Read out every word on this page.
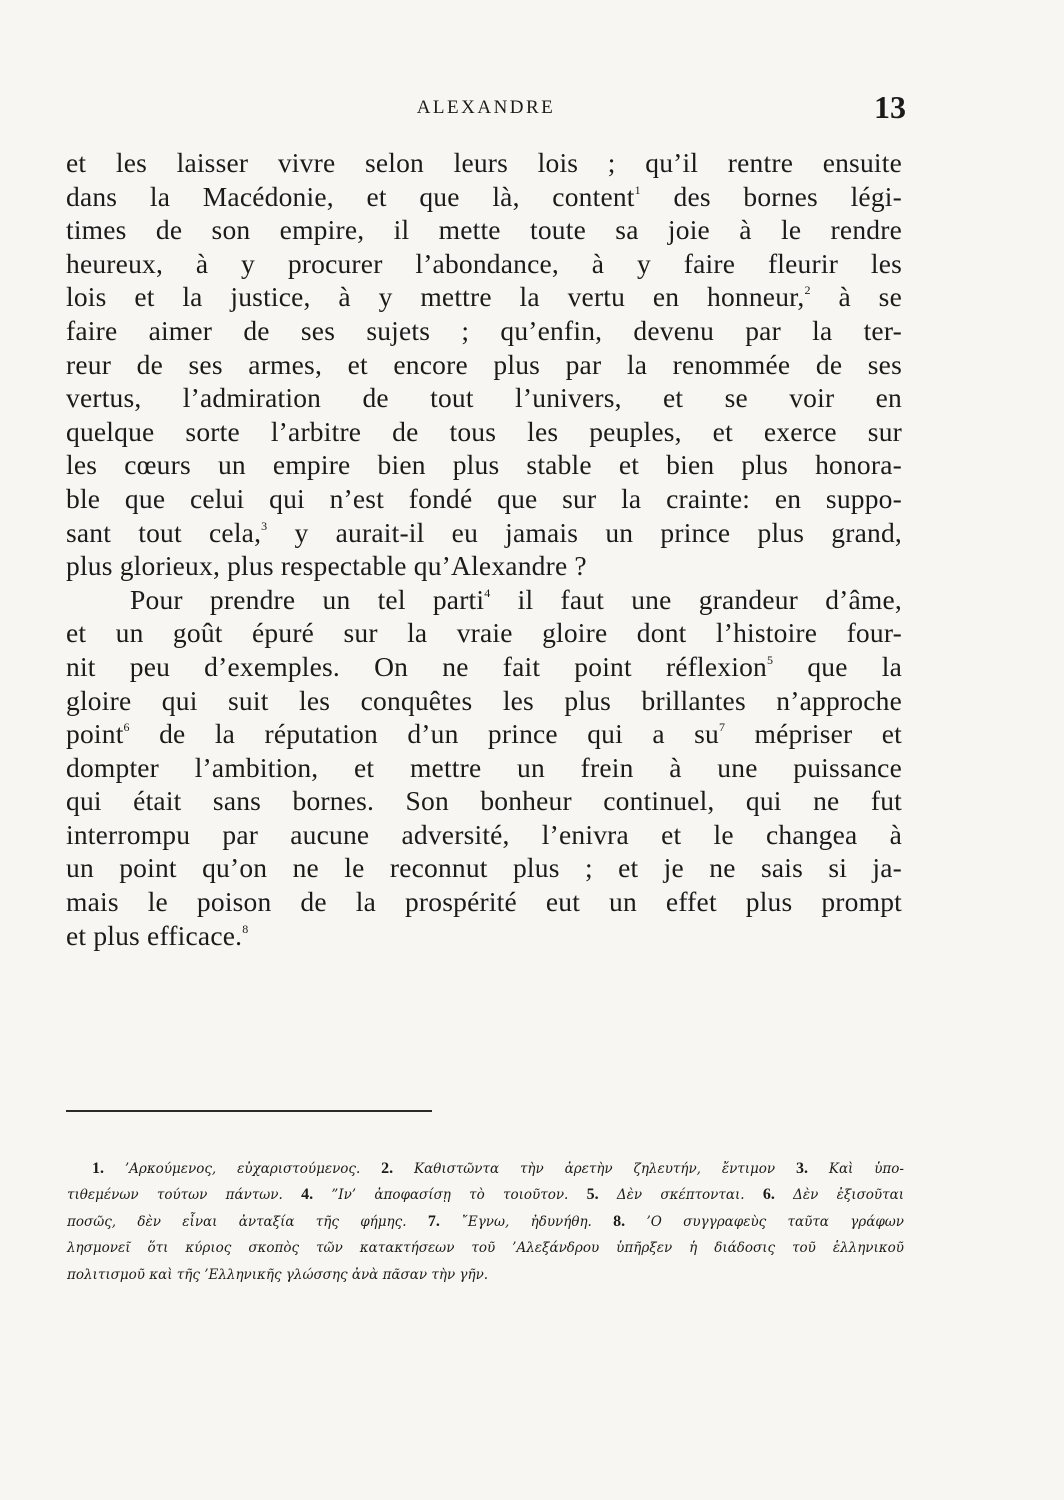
ALEXANDRE	13

et les laisser vivre selon leurs lois ; qu’il rentre ensuite
dans la Macédonie, et que là, content$^1$ des bornes légi-
times de son empire, il mette toute sa joie à le rendre
heureux, à y procurer l’abondance, à y faire fleurir les
lois et la justice, à y mettre la vertu en honneur,$^2$ à se
faire aimer de ses sujets ; qu’enfin, devenu par la ter-
reur de ses armes, et encore plus par la renommée de ses
vertus, l’admiration de tout l’univers, et se voir en
quelque sorte l’arbitre de tous les peuples, et exerce sur
les cœurs un empire bien plus stable et bien plus honora-
ble que celui qui n’est fondé que sur la crainte: en suppo-
sant tout cela,$^3$ y aurait-il eu jamais un prince plus grand,
plus glorieux, plus respectable qu’Alexandre ?

Pour prendre un tel parti$^4$ il faut une grandeur d’âme,
et un goût épuré sur la vraie gloire dont l’histoire four-
nit peu d’exemples. On ne fait point réflexion$^5$ que la
gloire qui suit les conquêtes les plus brillantes n’approche
point$^6$ de la réputation d’un prince qui a $su^7$ mépriser et
dompter l’ambition, et mettre un frein à une puissance
qui était sans bornes. Son bonheur continuel, qui ne fut
interrompu par aucune adversité, l’enivra et le changea à
un point qu’on ne le reconnut plus ; et je ne sais si ja-
mais le poison de la prospérité eut un effet plus prompt
et plus efficace.$^8$

1. ’Αρκούμενος, εὐχαριστούμενος. 2. Καθιστῶντα τὴν ἀρετὴν ζηλευτήν, ἔντιμον 3. Καὶ ὑπο-
τιθεμένων τούτων πάντων. 4. ”Ιν’ ἀποφασίσῃ τὸ τοιοῦτον. 5. Δὲν σκέπτονται. 6. Δὲν ἐξισοῦται
ποσῶς, δὲν εἶναι ἀνταξία τῆς φήμης. 7. ῎Εγνω, ἠδυνήθη. 8. ’Ο συγγραφεὺς ταῦτα γράφων
λησμονεῖ ὅτι κύριος σκοπὸς τῶν κατακτήσεων τοῦ ’Αλεξάνδρου ὑπῆρξεν ἡ διάδοσις τοῦ ἑλληνικοῦ
πολιτισμοῦ καὶ τῆς ’Ελληνικῆς γλώσσης ἀνὰ πᾶσαν τὴν γῆν.
